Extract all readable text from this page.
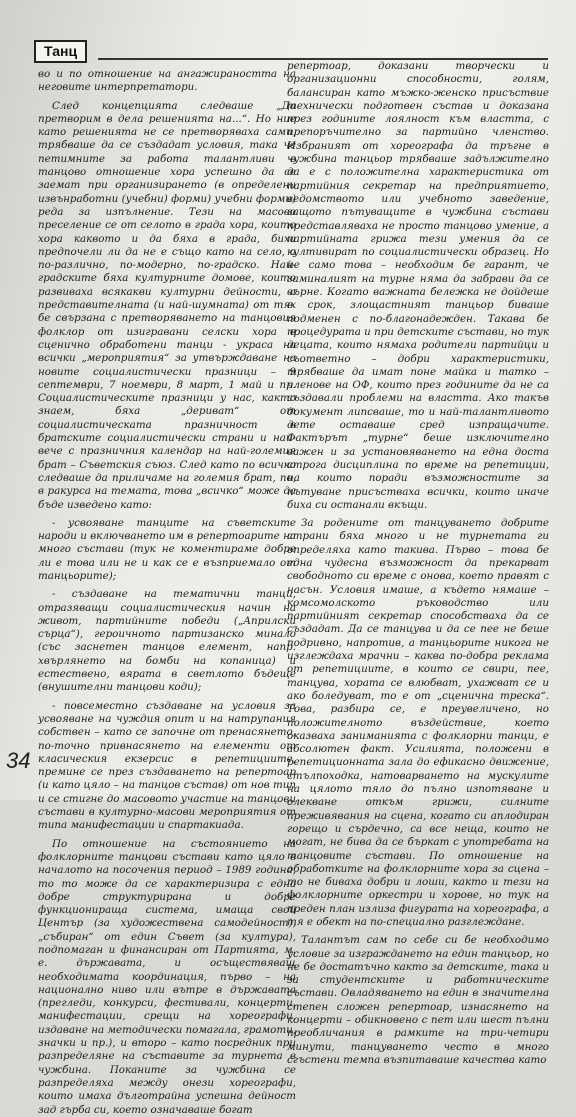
Танц

во и по отношение на ангажираността на неговите интерпретатори.

След концепцията следваше „Да претворим в дела решенията на...“. Но ние като решенията не се претворяваха сами, трябваше да се създадат условия, така че петимните за работа талантливи в танцово отношение хора успешно да се заемат при организирането (в определени извънработни (учебни) форми) учебни форми) реда за изпълнение. Тези на масово преселение се от селото в града хора, които хора каквото и да бяха в града, биха предпочели ли да не е също като на село, а по-различно, по-модерно, по-градско. Най-градските бяха културните домове, които развиваха всякакви културни дейности, а представителната (и най-шумната) от тях бе свързана с претворяването на танцовия фолклор от изигравани селски хора в сценично обработени танци - украса на всички „мероприятия“ за утвърждаване на новите социалистически празници – 9 септември, 7 ноември, 8 март, 1 май и пр. Социалистическите празници у нас, както знаем, бяха „дериват“ от социалистическата празничност в братските социалистически страни и най-вече с празничния календар на най-големия брат – Съветския съюз. След като по всичко следваше да приличаме на големия брат, по, в ракурса на темата, това „всичко“ може да бъде изведено като:

- усвояване танците на съветските народи и включването им в репертоарите на много състави (тук не коментираме добре ли е това или не и как се е възприемало от танцьорите);

- създаване на тематични танци, отразяващи социалистическия начин на живот, партийните победи („Априлски сърца“), героичното партизанско минало (със заснетен танцов елемент, напр. хвърлянето на бомби на копаница) и естествено, вярата в светлото бъдеще (внушителни танцови коди);

- повсеместно създаване на условия за усвояване на чуждия опит и на натрупания собствен – като се започне от пренасянето, по-точно привнасянето на елементи от класическия екзерсис в репетициите, премине се през създаването на репертоар (и като цяло – на танцов състав) от нов тип и се стигне до масовото участие на танцови състави в културно-масови мероприятия от типа манифестации и спартакиада.

По отношение на състоянието на фолклорните танцови състави като цяло в началото на посочения период – 1989 година, то то може да се характеризира с една добре структурирана и добре функционираща система, имаща свой Център (за художествена самодейност), „събиран“ от един Съвет (за култура), подпомаган и финансиран от Партията, м. е. държавата, и осъществяващ необходимата координация, първо – на национално ниво или вътре в държавата (прегледи, конкурси, фестивали, концерти, манифестации, срещи на хореографи, издаване на методически помагала, грамоти, значки и пр.), и второ – като посредник при разпределяне на съставите за турнета в чужбина. Поканите за чужбина се разпределяха между онези хореографи, които имаха дълготрайна успешна дейност зад гърба си, което означаваше богат

репертоар, доказани творчески и организационни способности, голям, балансиран като мъжко-женско присъствие технически подготвен състав и доказана през годините лоялност към властта, с препоръчително за партийно членство. Избраният от хореографа да тръгне в чужбина танцьор трябваше задължително да е с положителна характеристика от партийния секретар на предприятието, ведомството или учебното заведение, защото пътуващите в чужбина състави представляваха не просто танцово умение, а партийната грижа тези умения да се култивират по социалистически образец. Но не само това – необходим бе гарант, че заминалият на турне няма да забрави да се върне. Когато важната бележка не дойдеше в срок, злощастният танцьор биваше подменен с по-благонадежден. Такава бе процедурата и при детските състави, но тук децата, които нямаха родители партийци и съответно – добри характеристики, трябваше да имат поне майка и татко – членове на ОФ, които през годините да не са създавали проблеми на властта. Ако такъв документ липсваше, то и най-талантливото дете оставаше сред изпращачите. Фактърът „турне“ беше изключително важен и за установяването на една доста строга дисциплина по време на репетиции, на които поради възможностите за пътуване присъстваха всички, които иначе биха си останали вкъщи.

За родените от танцуването добрите страни бяха много и не турнетата ги определяха като такива. Първо – това бе една чудесна възможност да прекарват свободното си време с онова, което правят с насън. Условия имаше, а където нямаше – комсомолското ръководство или партийният секретар способстваха да се създадат. Да се танцува и да се пее не беше подривно, напротив, а танцьорите никога не изглеждаха мрачни – каква по-добра реклама от репетициите, в които се свири, пее, танцува, хората се влюбват, ухажват се и ако боледуват, то е от „сценична треска“. Това, разбира се, е преувеличено, но положителното въздействие, което оказваха заниманията с фолклорни танци, е абсолютен факт. Усилията, положени в репетиционната зала до ефикасно движение, стълпоходка, натоварването на мускулите на цялото тяло до пълно изпотяване и олекване откъм грижи, силните преживявания на сцена, когато си аплодиран горещо и сърдечно, са все неща, които не могат, не бива да се бъркат с употребата на танцовите състави. По отношение на обработките на фолклорните хора за сцена – то не биваха добри и лоши, както и тези на фолклорните оркестри и хорове, но тук на преден план излиза фигурата на хореографа, а тя е обект на по-специално разглеждане.

Талантът сам по себе си бе необходимо условие за изграждането на един танцьор, но не бе достатъчно както за детските, така и за студентските и работническите състави. Овладяването на един в значителна степен сложен репертоар, изнасянето на концерти – обикновено с пет или шест пълни преобличания в рамките на три-четири минути, танцуването често в много сгъстени темпа възпитаваше качества като

34
